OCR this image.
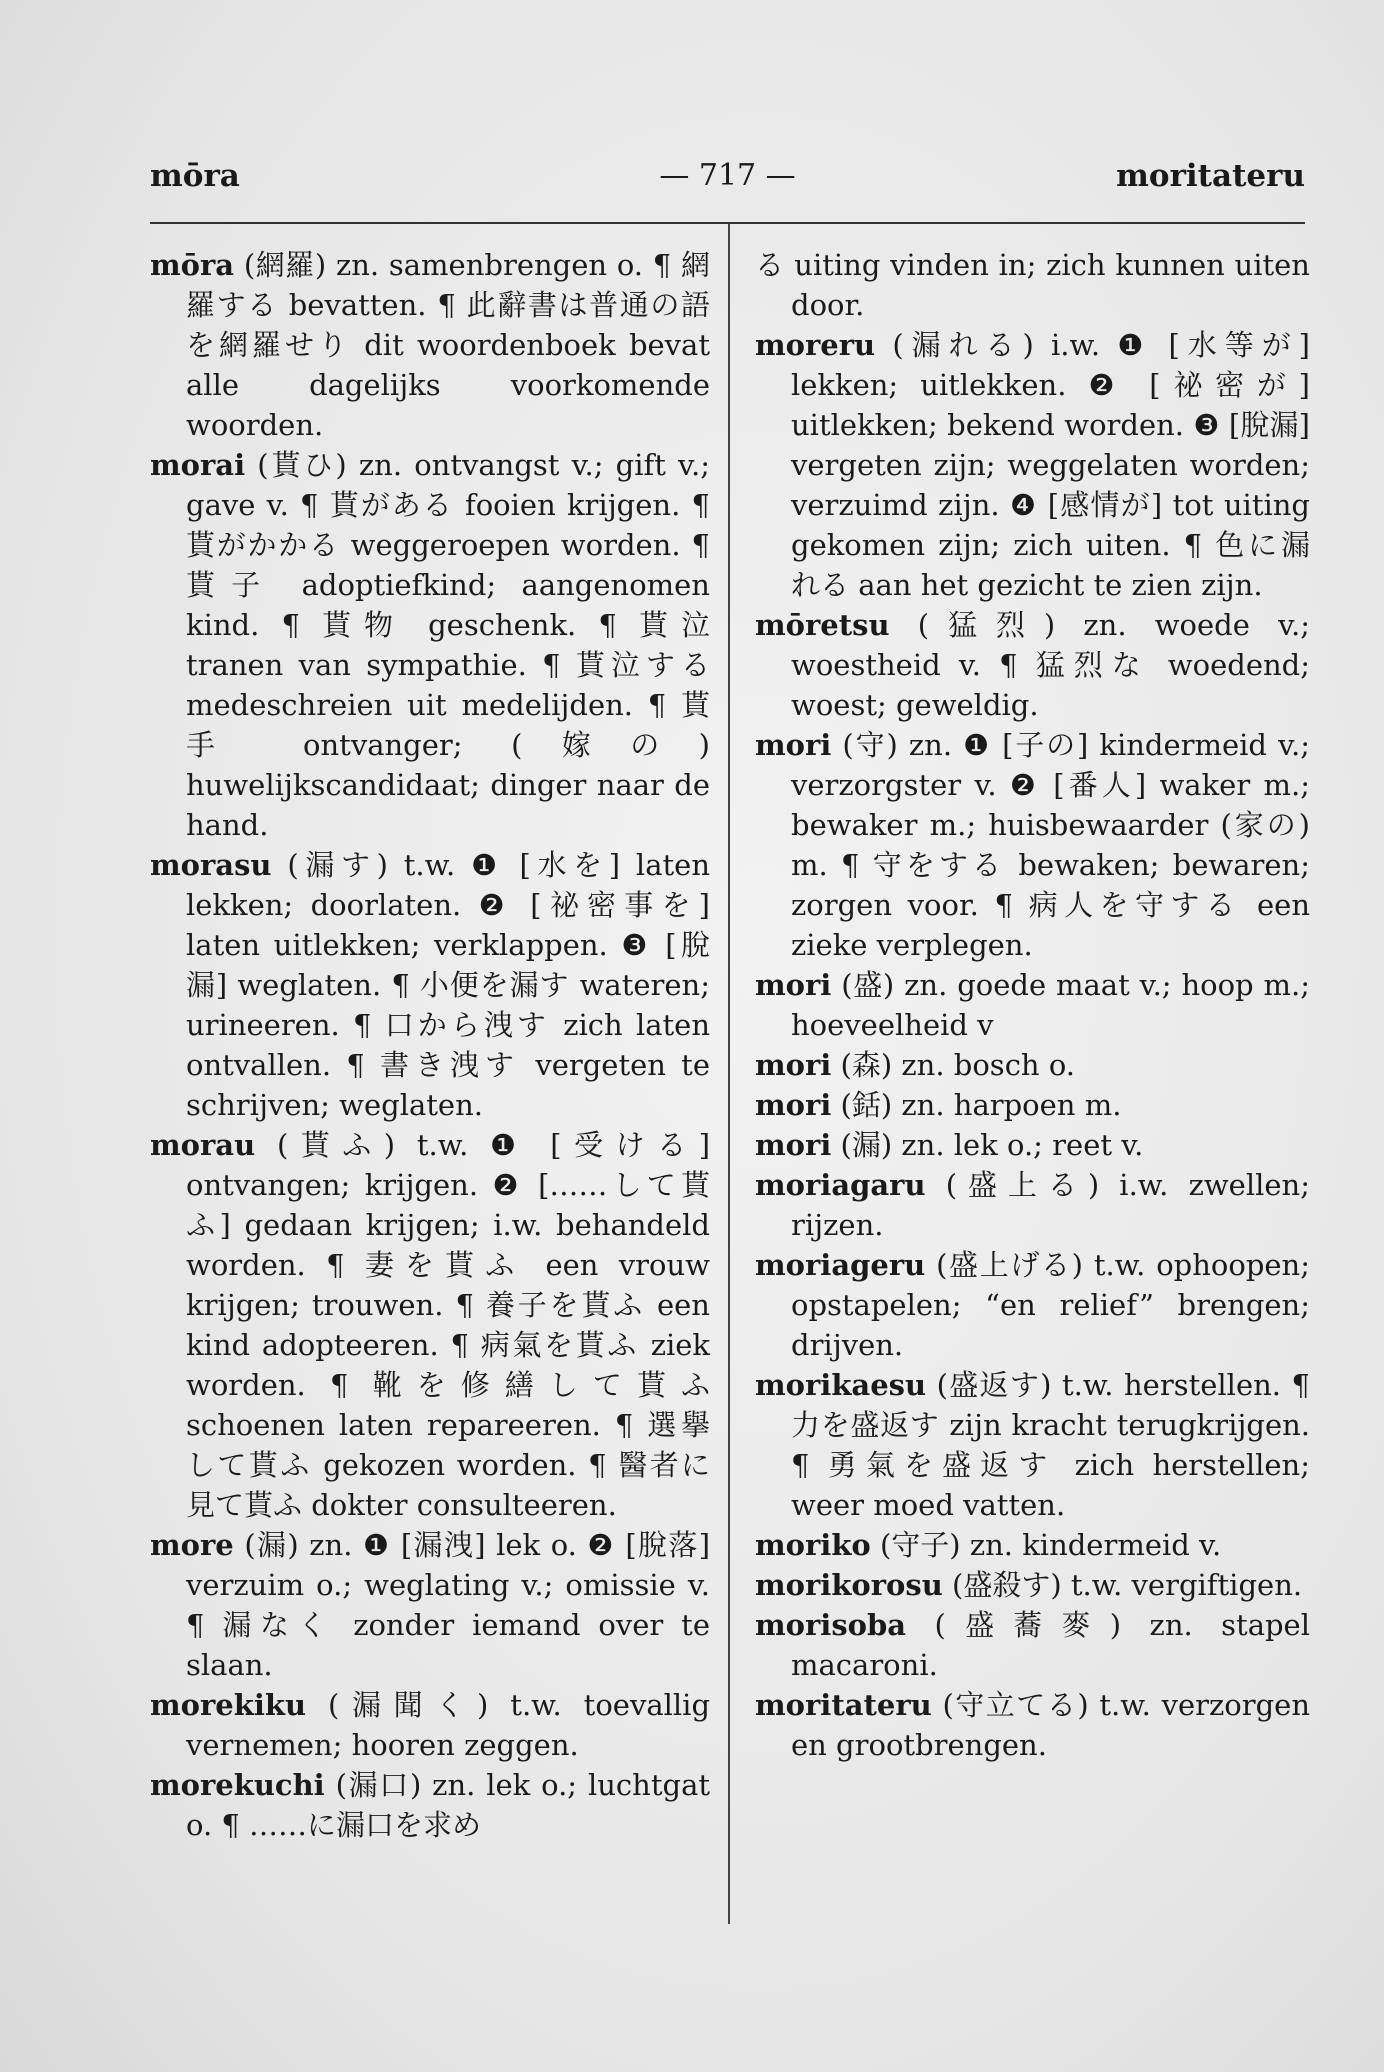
mōra	— 717 —	moritateru

mōra (網羅) zn. samenbrengen o. ¶ 網羅する bevatten. ¶ 此辭書は普通の語を網羅せり dit woordenboek bevat alle dagelijks voorkomende woorden.

morai (貰ひ) zn. ontvangst v.; gift v.; gave v. ¶ 貰がある fooien krijgen. ¶ 貰がかかる weggeroepen worden. ¶ 貰子 adoptiefkind; aangenomen kind. ¶ 貰物 geschenk. ¶ 貰泣 tranen van sympathie. ¶ 貰泣する medeschreien uit medelijden. ¶ 貰手 ontvanger; (嫁の) huwelijkscandidaat; dinger naar de hand.

morasu (漏す) t.w. ❶ [水を] laten lekken; doorlaten. ❷ [祕密事を] laten uitlekken; verklappen. ❸ [脫漏] weglaten. ¶ 小便を漏す wateren; urineeren. ¶ 口から洩す zich laten ontvallen. ¶ 書き洩す vergeten te schrijven; weglaten.

morau (貰ふ) t.w. ❶ [受ける] ontvangen; krijgen. ❷ [……して貰ふ] gedaan krijgen; i.w. behandeld worden. ¶ 妻を貰ふ een vrouw krijgen; trouwen. ¶ 養子を貰ふ een kind adopteeren. ¶ 病氣を貰ふ ziek worden. ¶ 靴を修繕して貰ふ schoenen laten repareeren. ¶ 選擧して貰ふ gekozen worden. ¶ 醫者に見て貰ふ dokter consulteeren.

more (漏) zn. ❶ [漏洩] lek o. ❷ [脫落] verzuim o.; weglating v.; omissie v. ¶ 漏なく zonder iemand over te slaan.

morekiku (漏聞く) t.w. toevallig vernemen; hooren zeggen.

morekuchi (漏口) zn. lek o.; luchtgat o. ¶ ……に漏口を求め

る uiting vinden in; zich kunnen uiten door.

moreru (漏れる) i.w. ❶ [水等が] lekken; uitlekken. ❷ [祕密が] uitlekken; bekend worden. ❸ [脫漏] vergeten zijn; weggelaten worden; verzuimd zijn. ❹ [感情が] tot uiting gekomen zijn; zich uiten. ¶ 色に漏れる aan het gezicht te zien zijn.

mōretsu (猛烈) zn. woede v.; woestheid v. ¶ 猛烈な woedend; woest; geweldig.

mori (守) zn. ❶ [子の] kindermeid v.; verzorgster v. ❷ [番人] waker m.; bewaker m.; huisbewaarder (家の) m. ¶ 守をする bewaken; bewaren; zorgen voor. ¶ 病人を守する een zieke verplegen.

mori (盛) zn. goede maat v.; hoop m.; hoeveelheid v

mori (森) zn. bosch o.

mori (銛) zn. harpoen m.

mori (漏) zn. lek o.; reet v.

moriagaru (盛上る) i.w. zwellen; rijzen.

moriageru (盛上げる) t.w. ophoopen; opstapelen; “en relief” brengen; drijven.

morikaesu (盛返す) t.w. herstellen. ¶ 力を盛返す zijn kracht terugkrijgen. ¶ 勇氣を盛返す zich herstellen; weer moed vatten.

moriko (守子) zn. kindermeid v.

morikorosu (盛殺す) t.w. vergiftigen.

morisoba (盛蕎麥) zn. stapel macaroni.

moritateru (守立てる) t.w. verzorgen en grootbrengen.
